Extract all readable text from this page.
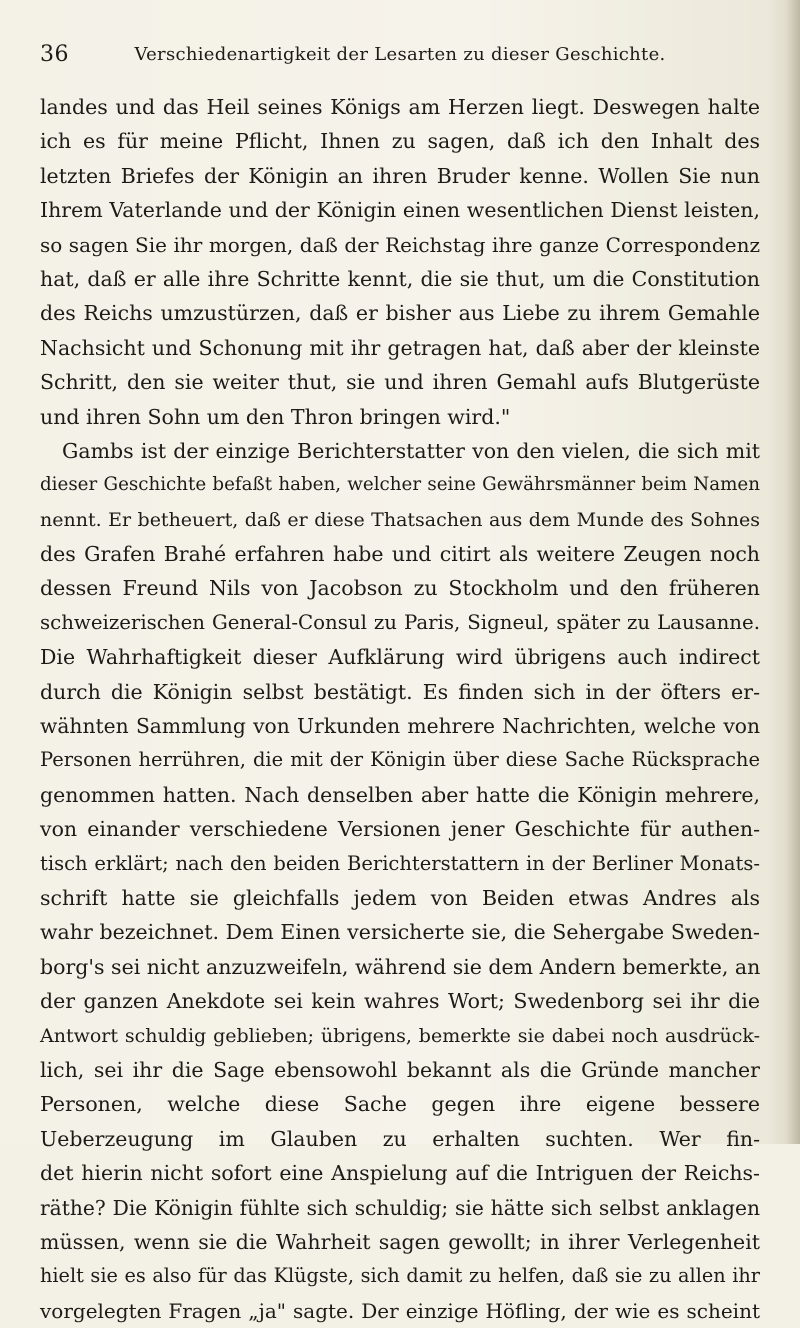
36	Verschiedenartigkeit der Lesarten zu dieser Geschichte.
landes und das Heil seines Königs am Herzen liegt. Deswegen halte
ich es für meine Pflicht, Ihnen zu sagen, daß ich den Inhalt des
letzten Briefes der Königin an ihren Bruder kenne. Wollen Sie nun
Ihrem Vaterlande und der Königin einen wesentlichen Dienst leisten,
so sagen Sie ihr morgen, daß der Reichstag ihre ganze Correspondenz
hat, daß er alle ihre Schritte kennt, die sie thut, um die Constitution
des Reichs umzustürzen, daß er bisher aus Liebe zu ihrem Gemahle
Nachsicht und Schonung mit ihr getragen hat, daß aber der kleinste
Schritt, den sie weiter thut, sie und ihren Gemahl aufs Blutgerüste
und ihren Sohn um den Thron bringen wird."
Gambs ist der einzige Berichterstatter von den vielen, die sich mit
dieser Geschichte befaßt haben, welcher seine Gewährsmänner beim Namen
nennt. Er betheuert, daß er diese Thatsachen aus dem Munde des Sohnes
des Grafen Brahé erfahren habe und citirt als weitere Zeugen noch
dessen Freund Nils von Jacobson zu Stockholm und den früheren
schweizerischen General-Consul zu Paris, Signeul, später zu Lausanne.
Die Wahrhaftigkeit dieser Aufklärung wird übrigens auch indirect
durch die Königin selbst bestätigt. Es finden sich in der öfters er-
wähnten Sammlung von Urkunden mehrere Nachrichten, welche von
Personen herrühren, die mit der Königin über diese Sache Rücksprache
genommen hatten. Nach denselben aber hatte die Königin mehrere,
von einander verschiedene Versionen jener Geschichte für authen-
tisch erklärt; nach den beiden Berichterstattern in der Berliner Monats-
schrift hatte sie gleichfalls jedem von Beiden etwas Andres als
wahr bezeichnet. Dem Einen versicherte sie, die Sehergabe Sweden-
borg's sei nicht anzuzweifeln, während sie dem Andern bemerkte, an
der ganzen Anekdote sei kein wahres Wort; Swedenborg sei ihr die
Antwort schuldig geblieben; übrigens, bemerkte sie dabei noch ausdrück-
lich, sei ihr die Sage ebensowohl bekannt als die Gründe mancher
Personen, welche diese Sache gegen ihre eigene bessere
Ueberzeugung im Glauben zu erhalten suchten. Wer fin-
det hierin nicht sofort eine Anspielung auf die Intriguen der Reichs-
räthe? Die Königin fühlte sich schuldig; sie hätte sich selbst anklagen
müssen, wenn sie die Wahrheit sagen gewollt; in ihrer Verlegenheit
hielt sie es also für das Klügste, sich damit zu helfen, daß sie zu allen ihr
vorgelegten Fragen „ja" sagte. Der einzige Höfling, der wie es scheint
